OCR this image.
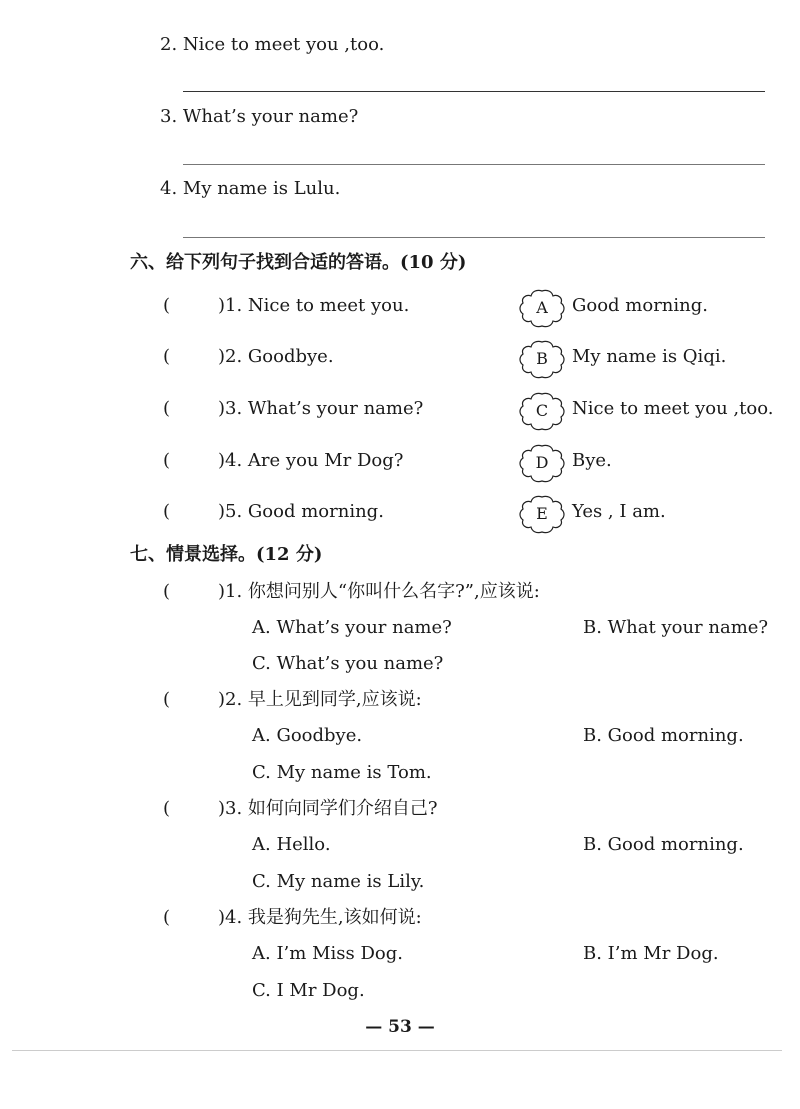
2. Nice to meet you ,too.
3. What’s your name?
4. My name is Lulu.
六、给下列句子找到合适的答语。(10 分)
(	)1. Nice to meet you.	A	Good morning.
(	)2. Goodbye.	B	My name is Qiqi.
(	)3. What’s your name?	C	Nice to meet you ,too.
(	)4. Are you Mr Dog?	D	Bye.
(	)5. Good morning.	E	Yes , I am.
七、情景选择。(12 分)
(	)1. 你想问别人“你叫什么名字?”,应该说:
A. What’s your name?	B. What your name?
C. What’s you name?
(	)2. 早上见到同学,应该说:
A. Goodbye.	B. Good morning.
C. My name is Tom.
(	)3. 如何向同学们介绍自己?
A. Hello.	B. Good morning.
C. My name is Lily.
(	)4. 我是狗先生,该如何说:
A. I’m Miss Dog.	B. I’m Mr Dog.
C. I Mr Dog.
— 53 —
